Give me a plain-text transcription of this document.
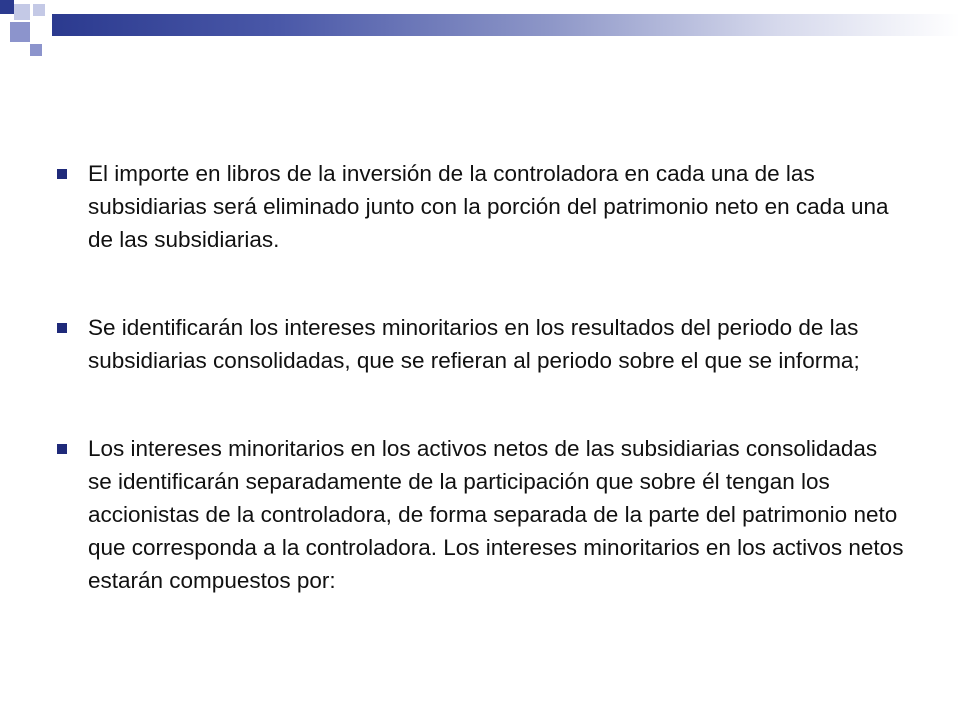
El importe en libros de la inversión de la controladora en cada una de las subsidiarias será eliminado junto con la porción del patrimonio neto en cada una de las subsidiarias.
Se identificarán los intereses minoritarios en los resultados del periodo de las subsidiarias consolidadas, que se refieran al periodo sobre el que se informa;
Los intereses minoritarios en los activos netos de las subsidiarias consolidadas se identificarán separadamente de la participación que sobre él tengan los accionistas de la controladora, de forma separada de la parte del patrimonio neto que corresponda a la controladora. Los intereses minoritarios en los activos netos estarán compuestos por:
